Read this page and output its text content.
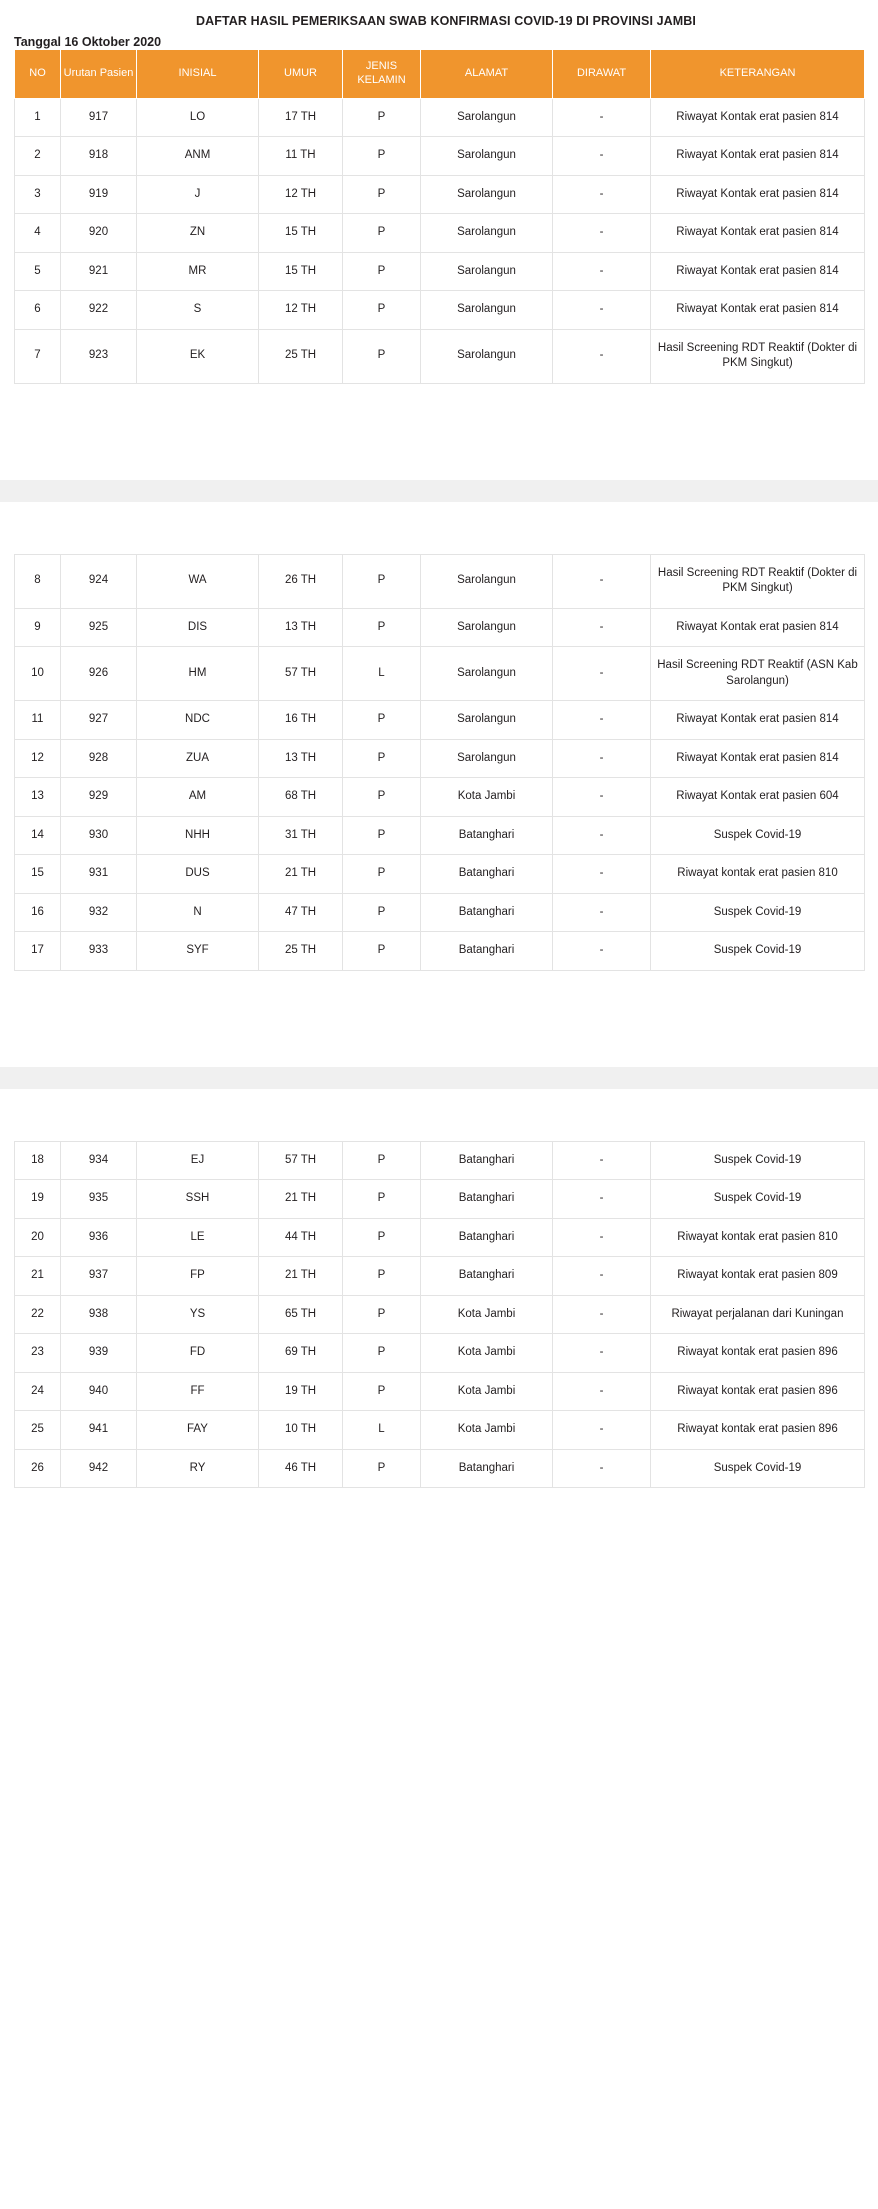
DAFTAR HASIL PEMERIKSAAN SWAB KONFIRMASI COVID-19 DI PROVINSI JAMBI
Tanggal 16 Oktober 2020
NO	Urutan Pasien	INISIAL	UMUR	JENIS KELAMIN	ALAMAT	DIRAWAT	KETERANGAN
1	917	LO	17 TH	P	Sarolangun	-	Riwayat Kontak erat pasien 814
2	918	ANM	11 TH	P	Sarolangun	-	Riwayat Kontak erat pasien 814
3	919	J	12 TH	P	Sarolangun	-	Riwayat Kontak erat pasien 814
4	920	ZN	15 TH	P	Sarolangun	-	Riwayat Kontak erat pasien 814
5	921	MR	15 TH	P	Sarolangun	-	Riwayat Kontak erat pasien 814
6	922	S	12 TH	P	Sarolangun	-	Riwayat Kontak erat pasien 814
7	923	EK	25 TH	P	Sarolangun	-	Hasil Screening RDT Reaktif (Dokter di PKM Singkut)
8	924	WA	26 TH	P	Sarolangun	-	Hasil Screening RDT Reaktif (Dokter di PKM Singkut)
9	925	DIS	13 TH	P	Sarolangun	-	Riwayat Kontak erat pasien 814
10	926	HM	57 TH	L	Sarolangun	-	Hasil Screening RDT Reaktif (ASN Kab Sarolangun)
11	927	NDC	16 TH	P	Sarolangun	-	Riwayat Kontak erat pasien 814
12	928	ZUA	13 TH	P	Sarolangun	-	Riwayat Kontak erat pasien 814
13	929	AM	68 TH	P	Kota Jambi	-	Riwayat Kontak erat pasien 604
14	930	NHH	31 TH	P	Batanghari	-	Suspek Covid-19
15	931	DUS	21 TH	P	Batanghari	-	Riwayat kontak erat pasien 810
16	932	N	47 TH	P	Batanghari	-	Suspek Covid-19
17	933	SYF	25 TH	P	Batanghari	-	Suspek Covid-19
18	934	EJ	57 TH	P	Batanghari	-	Suspek Covid-19
19	935	SSH	21 TH	P	Batanghari	-	Suspek Covid-19
20	936	LE	44 TH	P	Batanghari	-	Riwayat kontak erat pasien 810
21	937	FP	21 TH	P	Batanghari	-	Riwayat kontak erat pasien 809
22	938	YS	65 TH	P	Kota Jambi	-	Riwayat perjalanan dari Kuningan
23	939	FD	69 TH	P	Kota Jambi	-	Riwayat kontak erat pasien 896
24	940	FF	19 TH	P	Kota Jambi	-	Riwayat kontak erat pasien 896
25	941	FAY	10 TH	L	Kota Jambi	-	Riwayat kontak erat pasien 896
26	942	RY	46 TH	P	Batanghari	-	Suspek Covid-19
